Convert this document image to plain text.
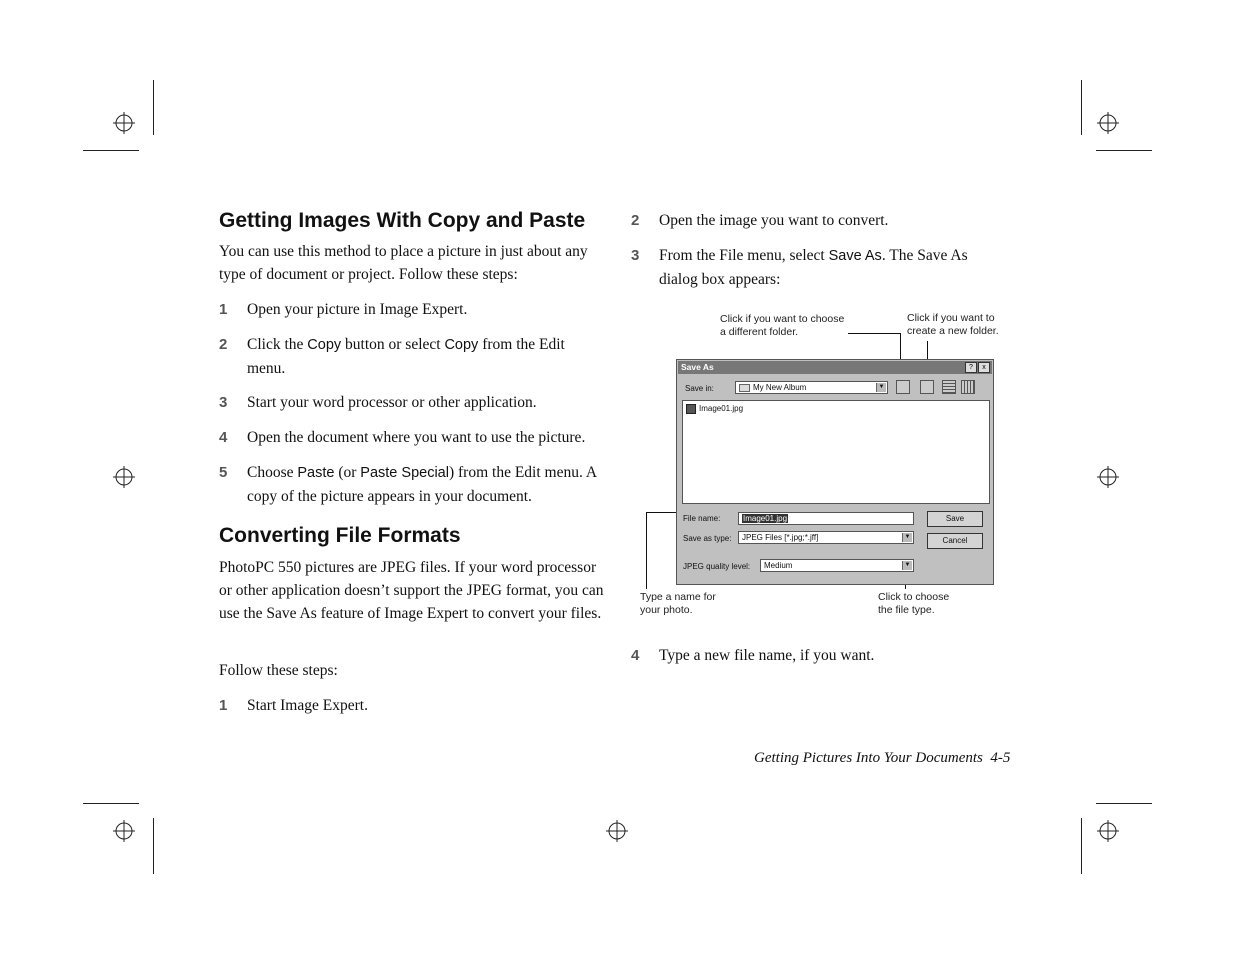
Getting Images With Copy and Paste

You can use this method to place a picture in just about any type of document or project. Follow these steps:

1 Open your picture in Image Expert.
2 Click the Copy button or select Copy from the Edit menu.
3 Start your word processor or other application.
4 Open the document where you want to use the picture.
5 Choose Paste (or Paste Special) from the Edit menu. A copy of the picture appears in your document.
Converting File Formats

PhotoPC 550 pictures are JPEG files. If your word processor or other application doesn’t support the JPEG format, you can use the Save As feature of Image Expert to convert your files.

Follow these steps:

1 Start Image Expert.
2 Open the image you want to convert.
3 From the File menu, select Save As. The Save As dialog box appears:
4 Type a new file name, if you want.
Click if you want to choose a different folder.
Click if you want to create a new folder.
Type a name for your photo.
Click to choose the file type.
Save As	?	x
Save in:	My New Album	▼
Image01.jpg
File name:	Image01.jpg
Save as type:	JPEG Files [*.jpg;*.jff]	▼
JPEG quality level:	Medium	▼
Save
Cancel
Getting Pictures Into Your Documents 4-5
